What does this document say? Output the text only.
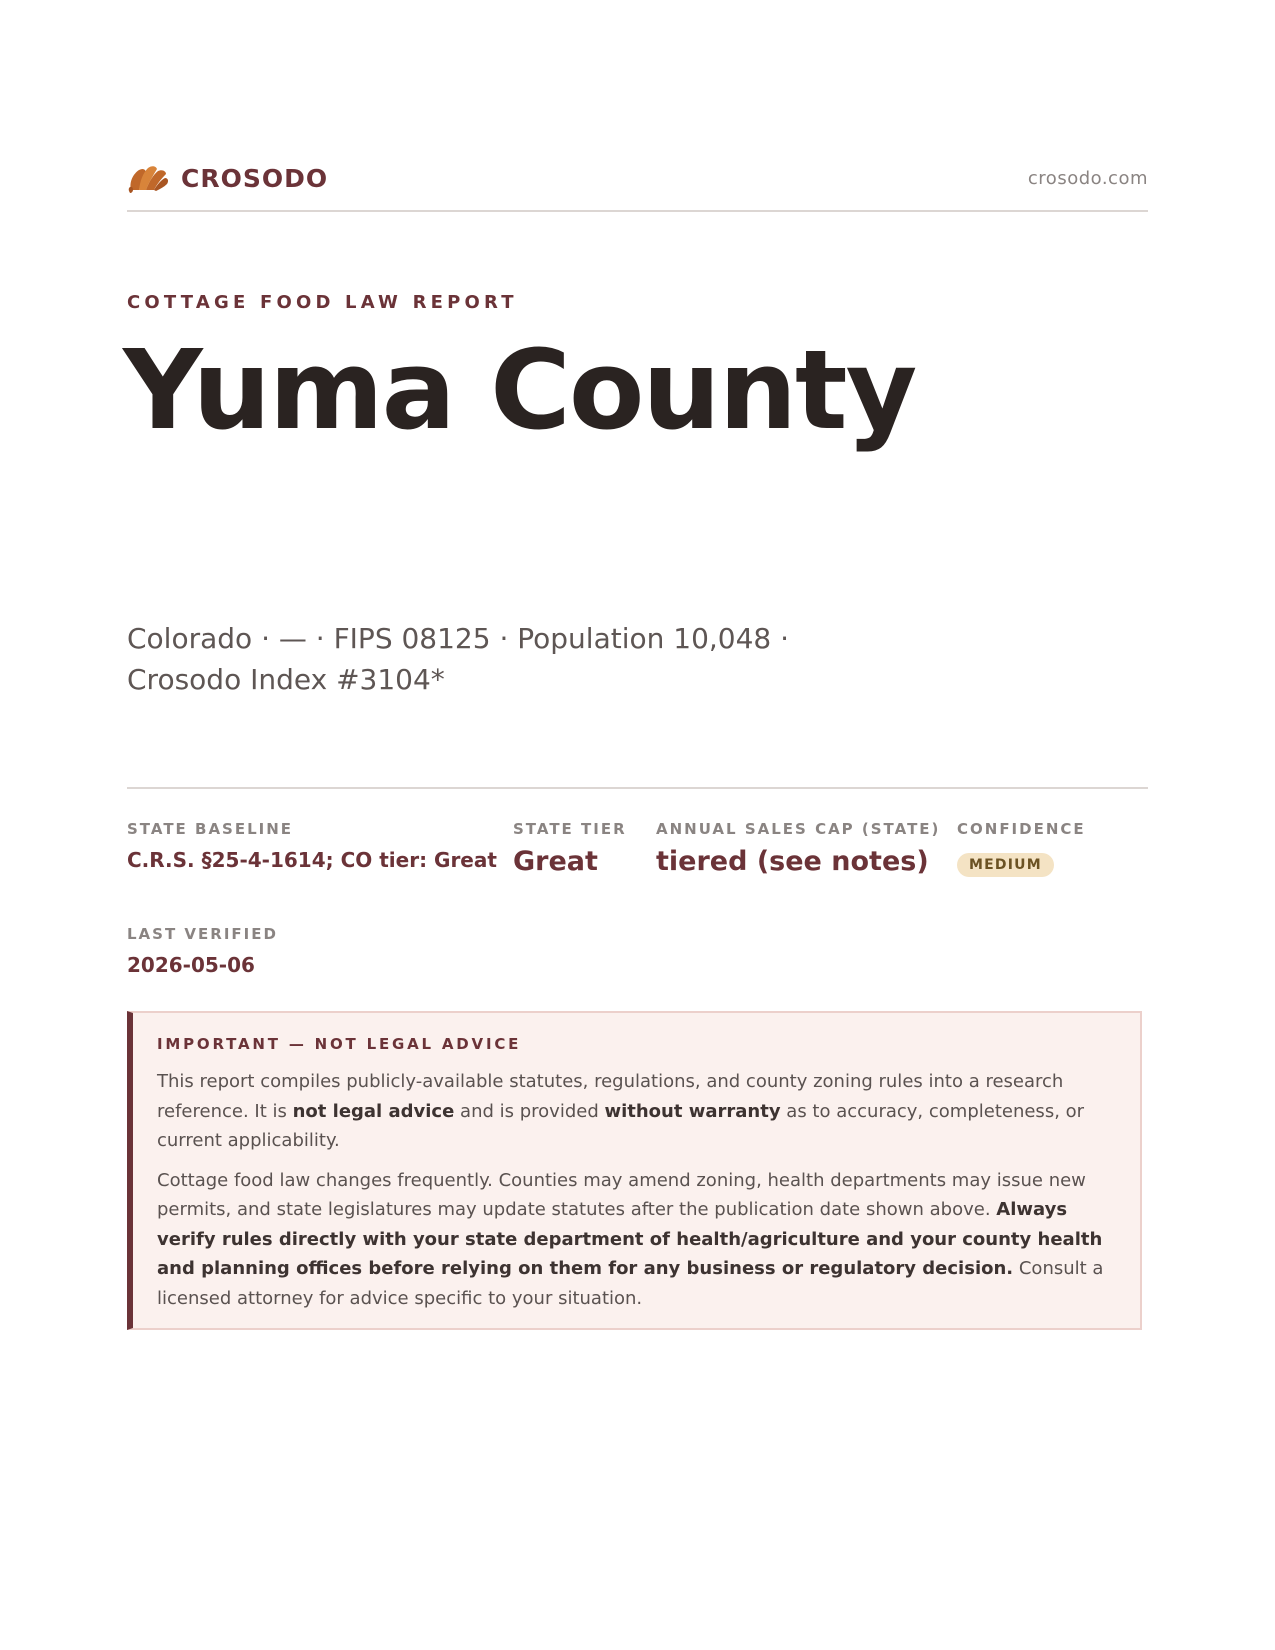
CROSODO	crosodo.com
COTTAGE FOOD LAW REPORT
Yuma County
Colorado · — · FIPS 08125 · Population 10,048 · Crosodo Index #3104*
STATE BASELINE
C.R.S. §25-4-1614; CO tier: Great
STATE TIER
Great
ANNUAL SALES CAP (STATE)
tiered (see notes)
CONFIDENCE
MEDIUM
LAST VERIFIED
2026-05-06
IMPORTANT — NOT LEGAL ADVICE

This report compiles publicly-available statutes, regulations, and county zoning rules into a research reference. It is not legal advice and is provided without warranty as to accuracy, completeness, or current applicability.

Cottage food law changes frequently. Counties may amend zoning, health departments may issue new permits, and state legislatures may update statutes after the publication date shown above. Always verify rules directly with your state department of health/agriculture and your county health and planning offices before relying on them for any business or regulatory decision. Consult a licensed attorney for advice specific to your situation.
